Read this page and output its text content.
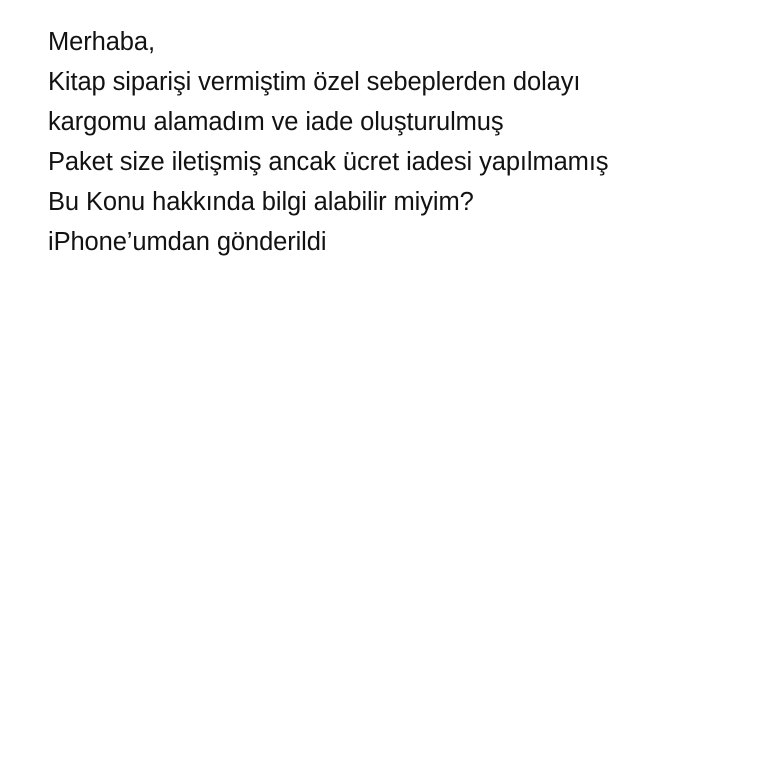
Merhaba,
Kitap siparişi vermiştim özel sebeplerden dolayı
kargomu alamadım ve iade oluşturulmuş
Paket size iletişmiş ancak ücret iadesi yapılmamış
Bu Konu hakkında bilgi alabilir miyim?
iPhone’umdan gönderildi
